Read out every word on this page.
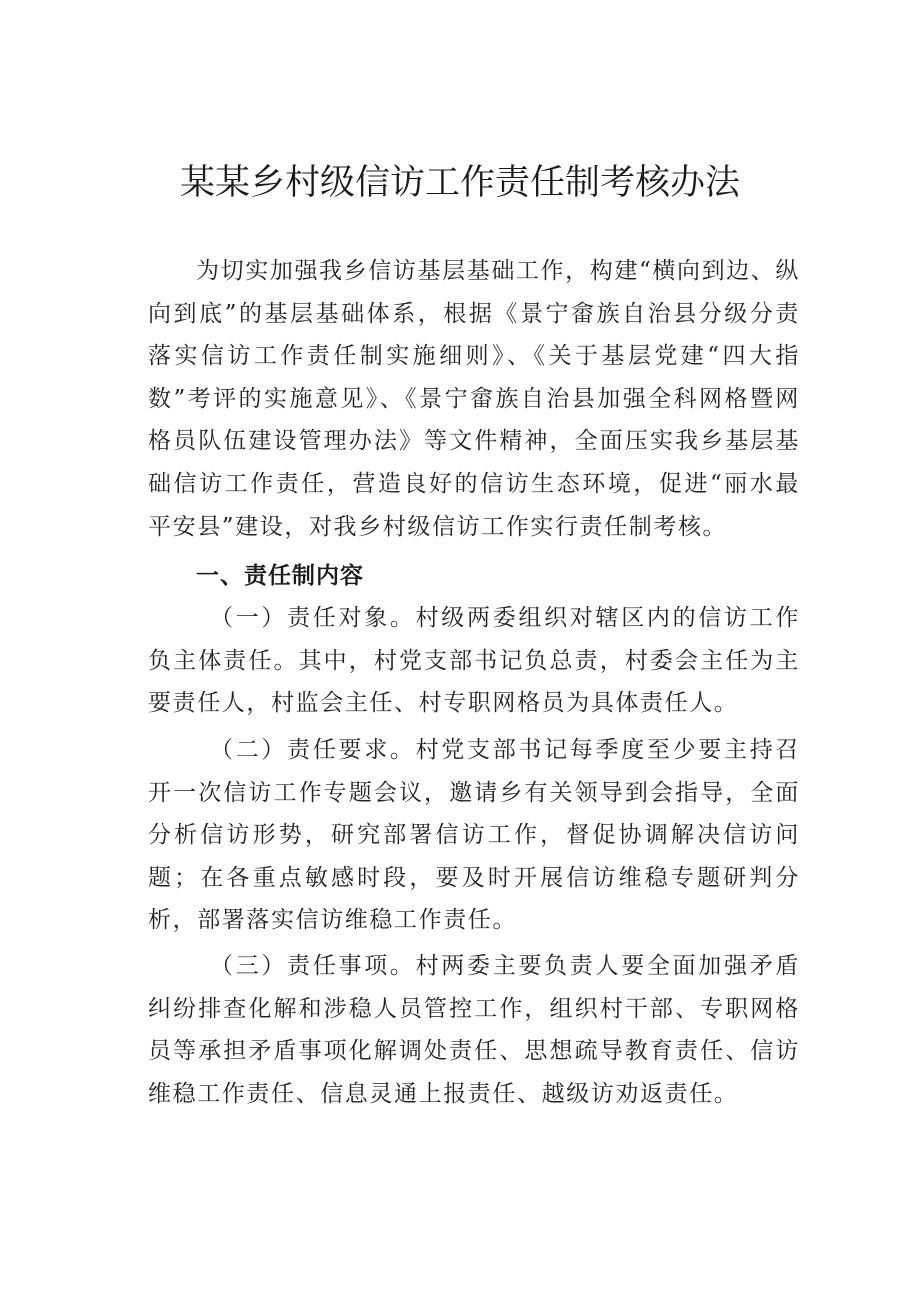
某某乡村级信访工作责任制考核办法

为切实加强我乡信访基层基础工作，构建“横向到边、纵向到底”的基层基础体系，根据《景宁畲族自治县分级分责落实信访工作责任制实施细则》、《关于基层党建“四大指数”考评的实施意见》、《景宁畲族自治县加强全科网格暨网格员队伍建设管理办法》等文件精神，全面压实我乡基层基础信访工作责任，营造良好的信访生态环境，促进“丽水最平安县”建设，对我乡村级信访工作实行责任制考核。

一、责任制内容

（一）责任对象。村级两委组织对辖区内的信访工作负主体责任。其中，村党支部书记负总责，村委会主任为主要责任人，村监会主任、村专职网格员为具体责任人。

（二）责任要求。村党支部书记每季度至少要主持召开一次信访工作专题会议，邀请乡有关领导到会指导，全面分析信访形势，研究部署信访工作，督促协调解决信访问题；在各重点敏感时段，要及时开展信访维稳专题研判分析，部署落实信访维稳工作责任。

（三）责任事项。村两委主要负责人要全面加强矛盾纠纷排查化解和涉稳人员管控工作，组织村干部、专职网格员等承担矛盾事项化解调处责任、思想疏导教育责任、信访维稳工作责任、信息灵通上报责任、越级访劝返责任。
